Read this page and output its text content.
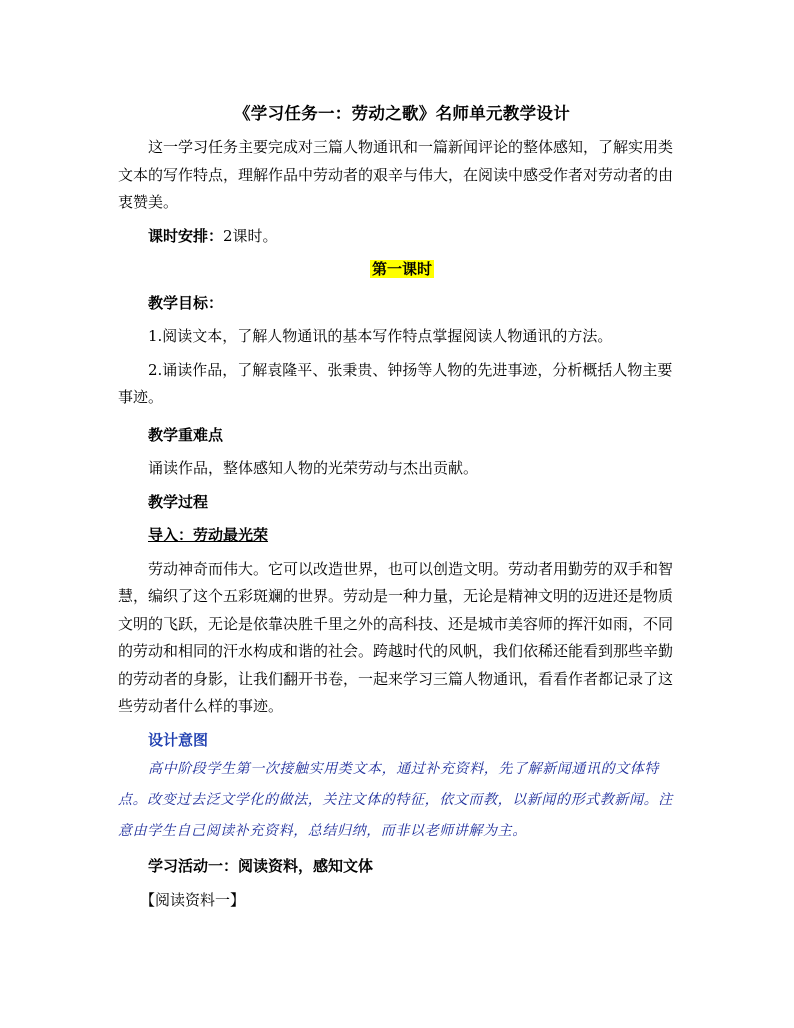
《学习任务一：劳动之歌》名师单元教学设计

这一学习任务主要完成对三篇人物通讯和一篇新闻评论的整体感知，了解实用类文本的写作特点，理解作品中劳动者的艰辛与伟大，在阅读中感受作者对劳动者的由衷赞美。

课时安排：2课时。

第一课时

教学目标：

1.阅读文本，了解人物通讯的基本写作特点掌握阅读人物通讯的方法。

2.诵读作品，了解袁隆平、张秉贵、钟扬等人物的先进事迹，分析概括人物主要事迹。

教学重难点

诵读作品，整体感知人物的光荣劳动与杰出贡献。

教学过程

导入：劳动最光荣

劳动神奇而伟大。它可以改造世界，也可以创造文明。劳动者用勤劳的双手和智慧，编织了这个五彩斑斓的世界。劳动是一种力量，无论是精神文明的迈进还是物质文明的飞跃，无论是依靠决胜千里之外的高科技、还是城市美容师的挥汗如雨，不同的劳动和相同的汗水构成和谐的社会。跨越时代的风帆，我们依稀还能看到那些辛勤的劳动者的身影，让我们翻开书卷，一起来学习三篇人物通讯，看看作者都记录了这些劳动者什么样的事迹。

设计意图

高中阶段学生第一次接触实用类文本，通过补充资料，先了解新闻通讯的文体特点。改变过去泛文学化的做法，关注文体的特征，依文而教，以新闻的形式教新闻。注意由学生自己阅读补充资料，总结归纳，而非以老师讲解为主。

学习活动一：阅读资料，感知文体

【阅读资料一】
